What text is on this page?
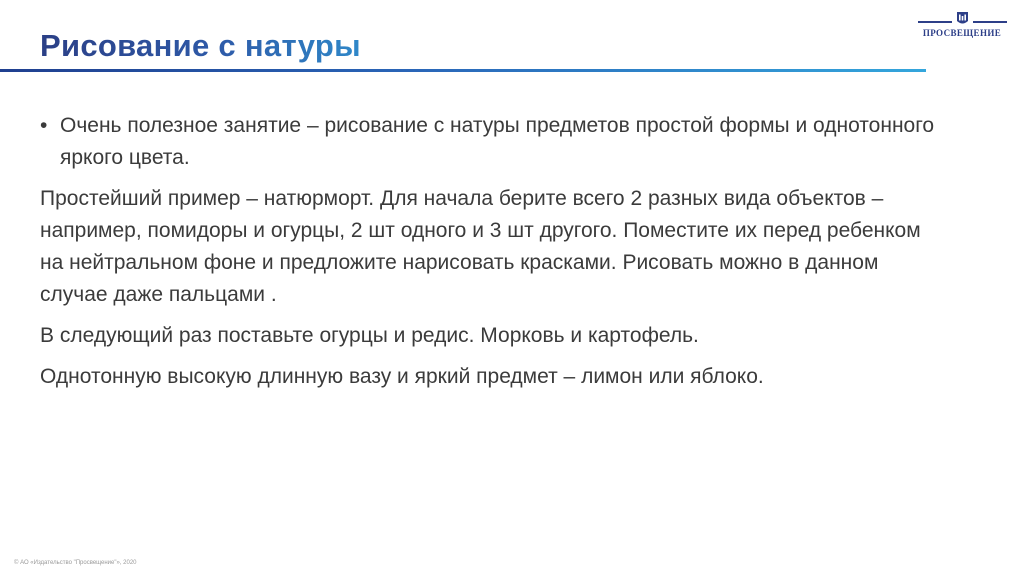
Рисование с натуры	ПРОСВЕЩЕНИЕ
• Очень полезное занятие – рисование с натуры предметов простой формы и однотонного яркого цвета.

Простейший пример – натюрморт. Для начала берите всего 2 разных вида объектов – например, помидоры и огурцы, 2 шт одного и 3 шт другого. Поместите их перед ребенком на нейтральном фоне и предложите нарисовать красками. Рисовать можно в данном случае даже пальцами .

В следующий раз поставьте огурцы и редис. Морковь и картофель.

Однотонную высокую длинную вазу и яркий предмет – лимон или яблоко.

© АО «Издательство "Просвещение"», 2020
